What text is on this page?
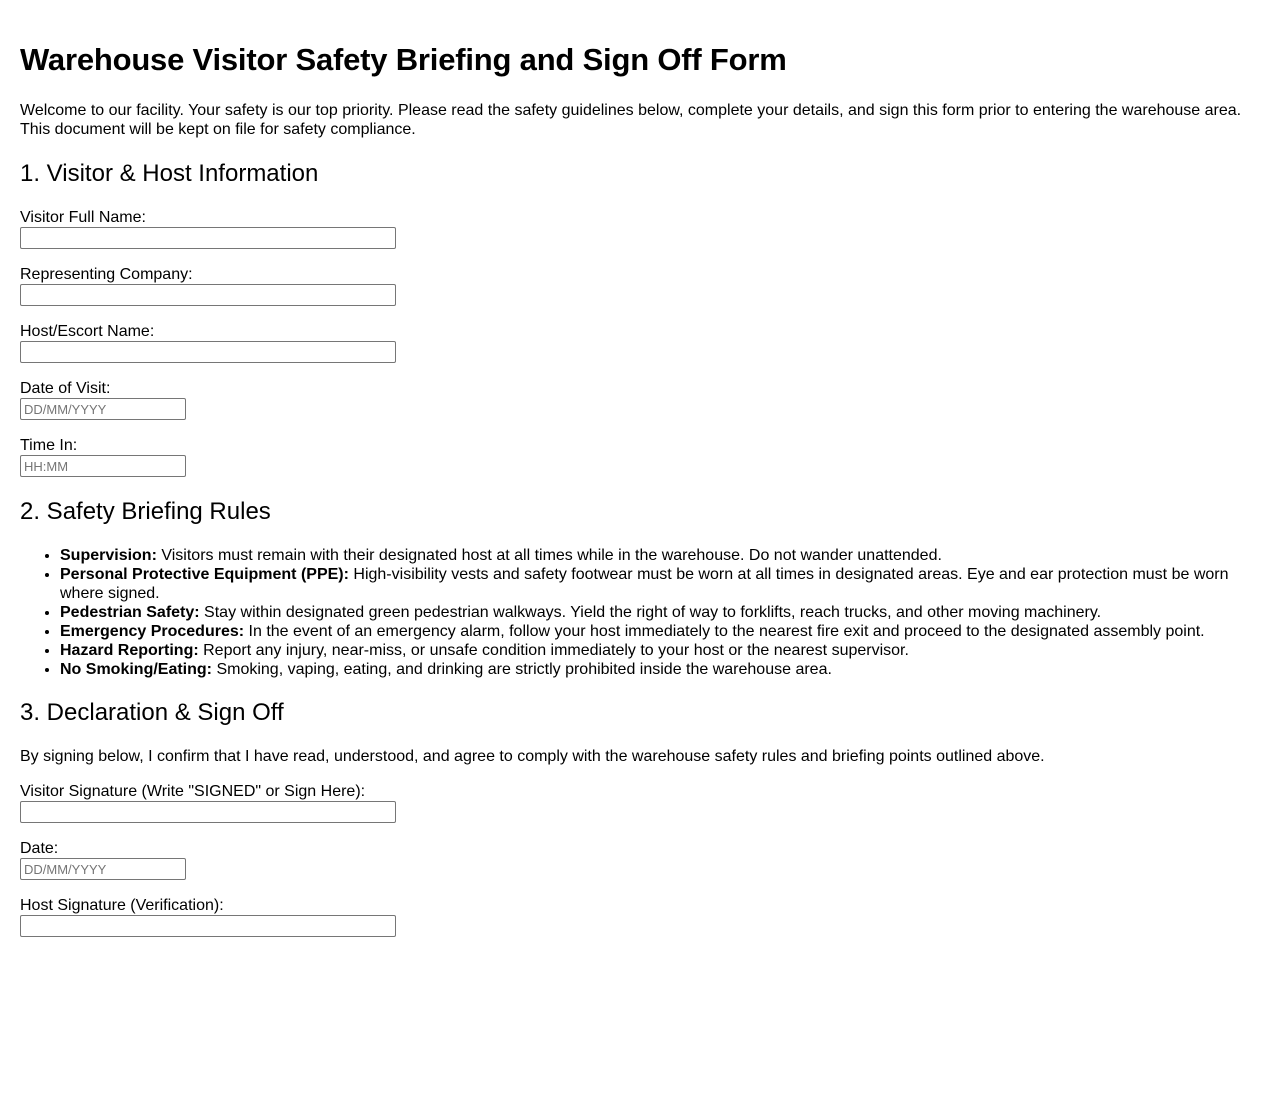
Warehouse Visitor Safety Briefing and Sign Off Form

Welcome to our facility. Your safety is our top priority. Please read the safety guidelines below, complete your details, and sign this form prior to entering the warehouse area. This document will be kept on file for safety compliance.

1. Visitor & Host Information
Visitor Full Name:
Representing Company:
Host/Escort Name:
Date of Visit:
DD/MM/YYYY
Time In:
HH:MM
2. Safety Briefing Rules
• Supervision: Visitors must remain with their designated host at all times while in the warehouse. Do not wander unattended.
• Personal Protective Equipment (PPE): High-visibility vests and safety footwear must be worn at all times in designated areas. Eye and ear protection must be worn where signed.
• Pedestrian Safety: Stay within designated green pedestrian walkways. Yield the right of way to forklifts, reach trucks, and other moving machinery.
• Emergency Procedures: In the event of an emergency alarm, follow your host immediately to the nearest fire exit and proceed to the designated assembly point.
• Hazard Reporting: Report any injury, near-miss, or unsafe condition immediately to your host or the nearest supervisor.
• No Smoking/Eating: Smoking, vaping, eating, and drinking are strictly prohibited inside the warehouse area.
3. Declaration & Sign Off

By signing below, I confirm that I have read, understood, and agree to comply with the warehouse safety rules and briefing points outlined above.

Visitor Signature (Write "SIGNED" or Sign Here):
Date:
DD/MM/YYYY
Host Signature (Verification):
